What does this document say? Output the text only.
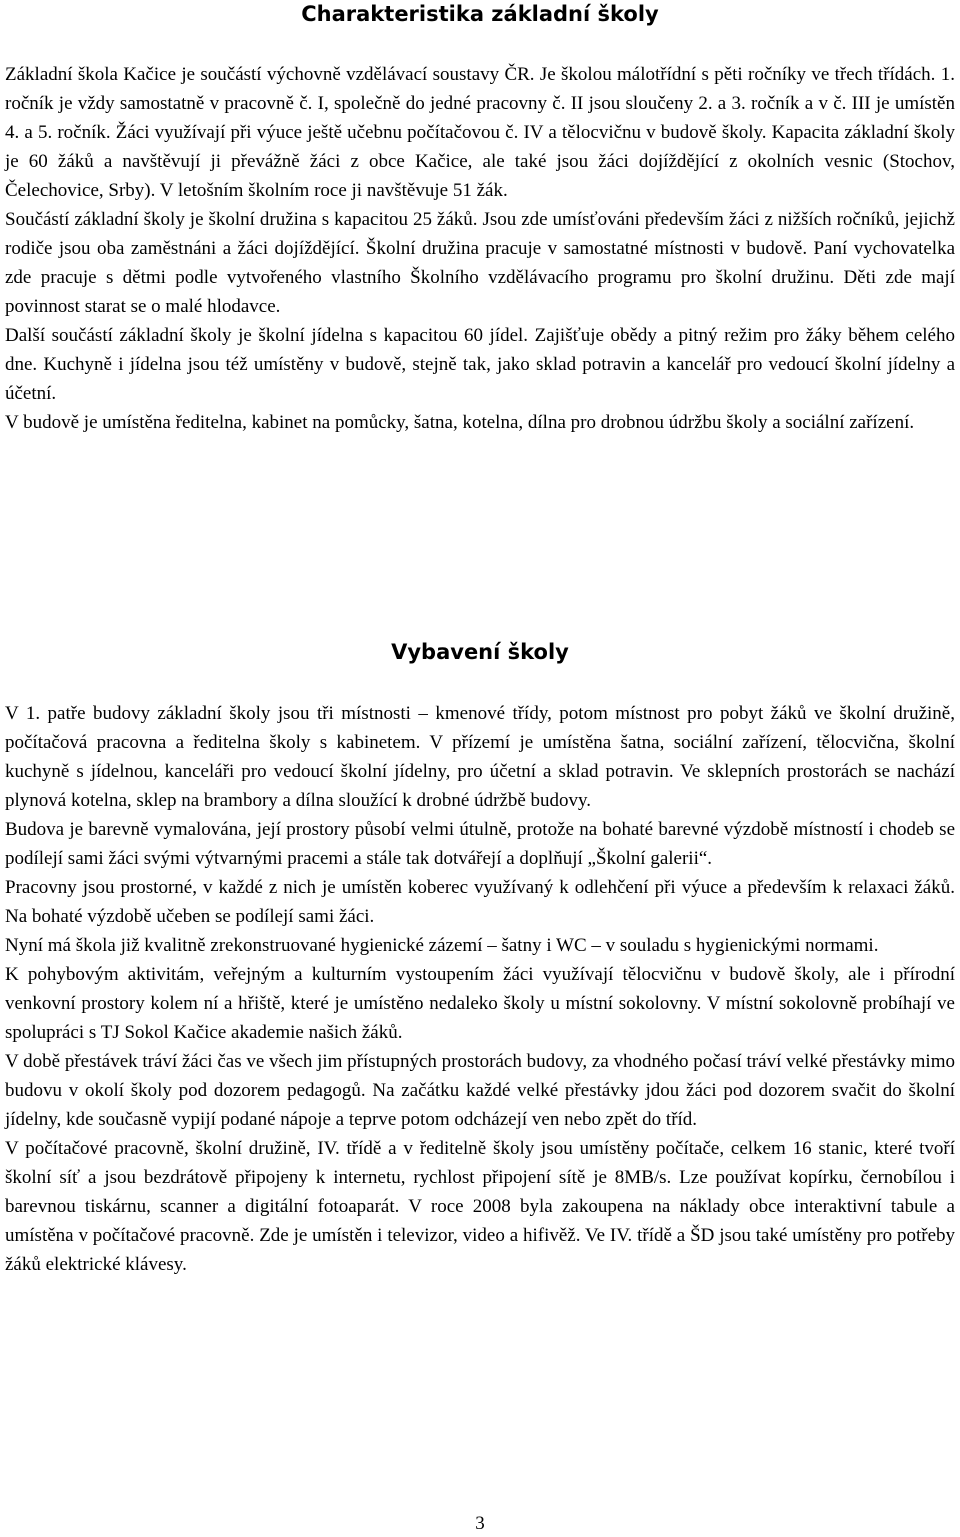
Charakteristika základní školy

Základní škola Kačice je součástí výchovně vzdělávací soustavy ČR. Je školou málotřídní s pěti ročníky ve třech třídách. 1. ročník je vždy samostatně v pracovně č. I, společně do jedné pracovny č. II jsou sloučeny 2. a 3. ročník a v č. III je umístěn 4. a 5. ročník. Žáci využívají při výuce ještě učebnu počítačovou č. IV a tělocvičnu v budově školy. Kapacita základní školy je 60 žáků a navštěvují ji převážně žáci z obce Kačice, ale také jsou žáci dojíždějící z okolních vesnic (Stochov, Čelechovice, Srby). V letošním školním roce ji navštěvuje 51 žák.

Součástí základní školy je školní družina s kapacitou 25 žáků. Jsou zde umísťováni především žáci z nižších ročníků, jejichž rodiče jsou oba zaměstnáni a žáci dojíždějící. Školní družina pracuje v samostatné místnosti v budově. Paní vychovatelka zde pracuje s dětmi podle vytvořeného vlastního Školního vzdělávacího programu pro školní družinu. Děti zde mají povinnost starat se o malé hlodavce.

Další součástí základní školy je školní jídelna s kapacitou 60 jídel. Zajišťuje obědy a pitný režim pro žáky během celého dne. Kuchyně i jídelna jsou též umístěny v budově, stejně tak, jako sklad potravin a kancelář pro vedoucí školní jídelny a účetní.

V budově je umístěna ředitelna, kabinet na pomůcky, šatna, kotelna, dílna pro drobnou údržbu školy a sociální zařízení.

Vybavení školy

V 1. patře budovy základní školy jsou tři místnosti – kmenové třídy, potom místnost pro pobyt žáků ve školní družině, počítačová pracovna a ředitelna školy s kabinetem. V přízemí je umístěna šatna, sociální zařízení, tělocvična, školní kuchyně s jídelnou, kanceláři pro vedoucí školní jídelny, pro účetní a sklad potravin. Ve sklepních prostorách se nachází plynová kotelna, sklep na brambory a dílna sloužící k drobné údržbě budovy.

Budova je barevně vymalována, její prostory působí velmi útulně, protože na bohaté barevné výzdobě místností i chodeb se podílejí sami žáci svými výtvarnými pracemi a stále tak dotvářejí a doplňují „Školní galerii“.

Pracovny jsou prostorné, v každé z nich je umístěn koberec využívaný k odlehčení při výuce a především k relaxaci žáků. Na bohaté výzdobě učeben se podílejí sami žáci.

Nyní má škola již kvalitně zrekonstruované hygienické zázemí – šatny i WC – v souladu s hygienickými normami.

K pohybovým aktivitám, veřejným a kulturním vystoupením žáci využívají tělocvičnu v budově školy, ale i přírodní venkovní prostory kolem ní a hřiště, které je umístěno nedaleko školy u místní sokolovny. V místní sokolovně probíhají ve spolupráci s TJ Sokol Kačice akademie našich žáků.

V době přestávek tráví žáci čas ve všech jim přístupných prostorách budovy, za vhodného počasí tráví velké přestávky mimo budovu v okolí školy pod dozorem pedagogů. Na začátku každé velké přestávky jdou žáci pod dozorem svačit do školní jídelny, kde současně vypijí podané nápoje a teprve potom odcházejí ven nebo zpět do tříd.

V počítačové pracovně, školní družině, IV. třídě a v ředitelně školy jsou umístěny počítače, celkem 16 stanic, které tvoří školní síť a jsou bezdrátově připojeny k internetu, rychlost připojení sítě je 8MB/s. Lze používat kopírku, černobílou i barevnou tiskárnu, scanner a digitální fotoaparát. V roce 2008 byla zakoupena na náklady obce interaktivní tabule a umístěna v počítačové pracovně. Zde je umístěn i televizor, video a hifivěž. Ve IV. třídě a ŠD jsou také umístěny pro potřeby žáků elektrické klávesy.

3
